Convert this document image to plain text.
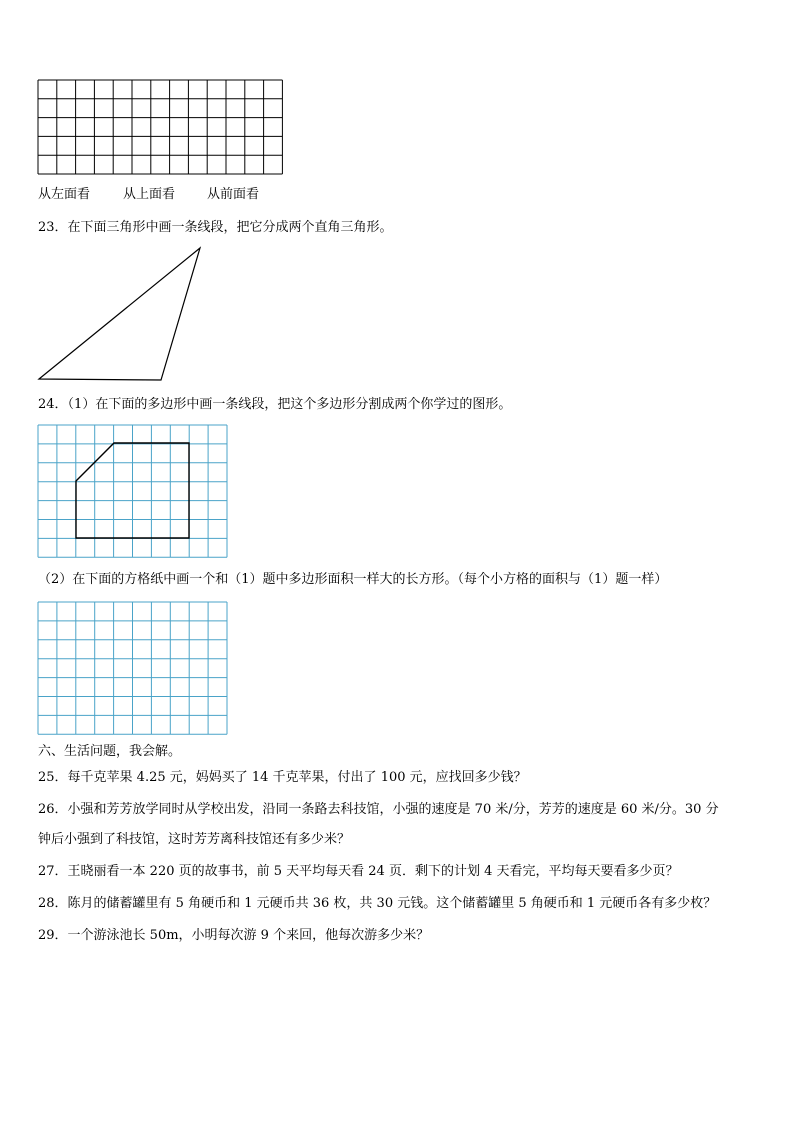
从左面看	从上面看 从前面看
23．在下面三角形中画一条线段，把它分成两个直角三角形。
24．（1）在下面的多边形中画一条线段，把这个多边形分割成两个你学过的图形。
（2）在下面的方格纸中画一个和（1）题中多边形面积一样大的长方形。（每个小方格的面积与（1）题一样）
六、生活问题，我会解。
25．每千克苹果 4.25 元，妈妈买了 14 千克苹果，付出了 100 元，应找回多少钱？
26．小强和芳芳放学同时从学校出发，沿同一条路去科技馆，小强的速度是 70 米/分，芳芳的速度是 60 米/分。30 分
钟后小强到了科技馆，这时芳芳离科技馆还有多少米？
27．王晓丽看一本 220 页的故事书，前 5 天平均每天看 24 页．剩下的计划 4 天看完，平均每天要看多少页？
28．陈月的储蓄罐里有 5 角硬币和 1 元硬币共 36 枚，共 30 元钱。这个储蓄罐里 5 角硬币和 1 元硬币各有多少枚？
29．一个游泳池长 50m，小明每次游 9 个来回，他每次游多少米？
